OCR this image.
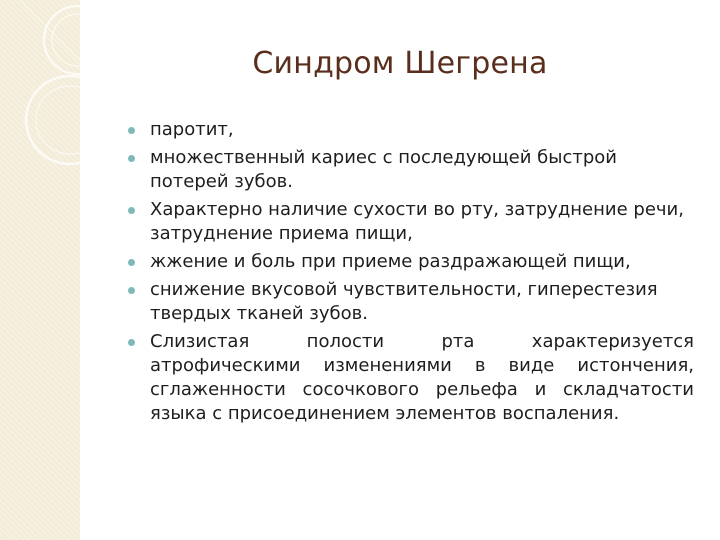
Синдром Шегрена
паротит,
множественный кариес с последующей быстрой потерей зубов.
Характерно наличие сухости во рту, затруднение речи, затруднение приема пищи,
жжение и боль при приеме раздражающей пищи,
снижение вкусовой чувствительности, гиперестезия твердых тканей зубов.
Слизистая полости рта характеризуется атрофическими изменениями в виде истончения, сглаженности сосочкового рельефа и складчатости языка с присоединением элементов воспаления.
